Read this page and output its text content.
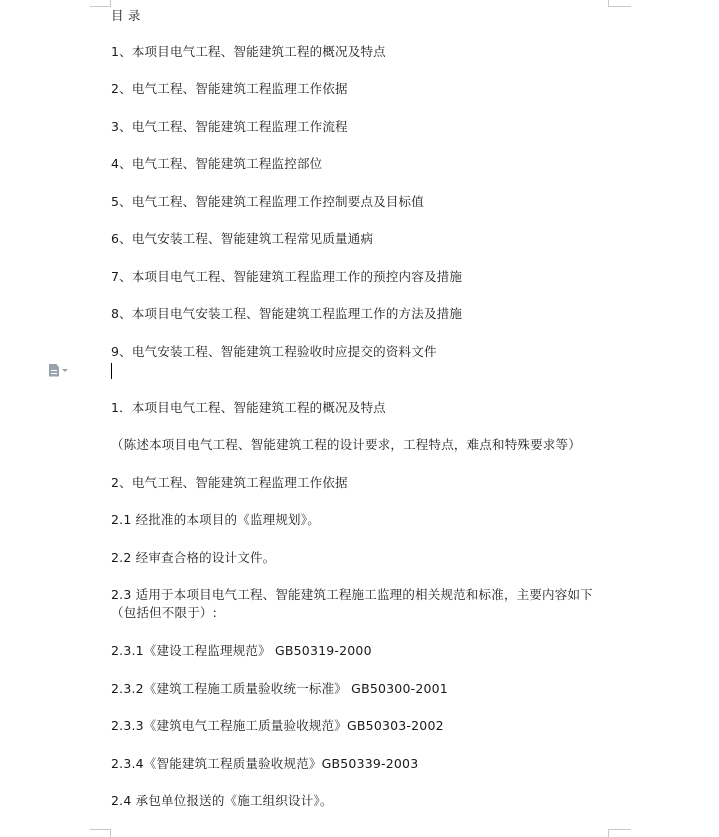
目 录
1、本项目电气工程、智能建筑工程的概况及特点
2、电气工程、智能建筑工程监理工作依据
3、电气工程、智能建筑工程监理工作流程
4、电气工程、智能建筑工程监控部位
5、电气工程、智能建筑工程监理工作控制要点及目标值
6、电气安装工程、智能建筑工程常见质量通病
7、本项目电气工程、智能建筑工程监理工作的预控内容及措施
8、本项目电气安装工程、智能建筑工程监理工作的方法及措施
9、电气安装工程、智能建筑工程验收时应提交的资料文件
1．本项目电气工程、智能建筑工程的概况及特点
（陈述本项目电气工程、智能建筑工程的设计要求，工程特点，难点和特殊要求等）
2、电气工程、智能建筑工程监理工作依据
2.1 经批准的本项目的《监理规划》。
2.2 经审查合格的设计文件。
2.3 适用于本项目电气工程、智能建筑工程施工监理的相关规范和标准，主要内容如下（包括但不限于）:
2.3.1《建设工程监理规范》 GB50319-2000
2.3.2《建筑工程施工质量验收统一标准》 GB50300-2001
2.3.3《建筑电气工程施工质量验收规范》GB50303-2002
2.3.4《智能建筑工程质量验收规范》GB50339-2003
2.4 承包单位报送的《施工组织设计》。
